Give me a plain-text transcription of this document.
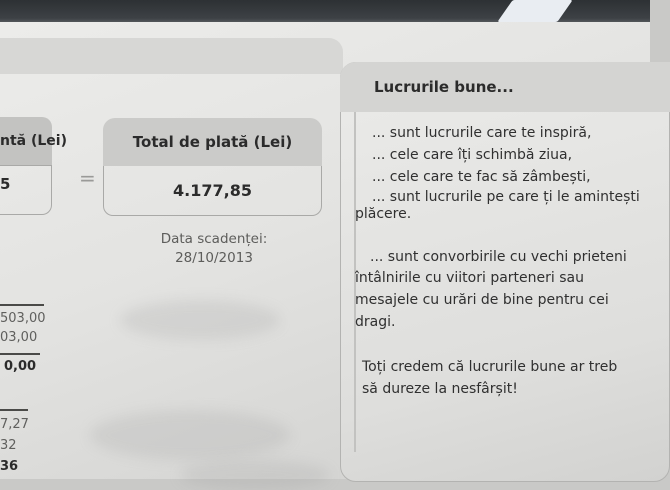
ntă (Lei)
5	=
Total de plată (Lei)
4.177,85
Data scadenței:
28/10/2013
503,00
03,00
0,00
7,27
32
36
Lucrurile bune...
... sunt lucrurile care te inspiră,
... cele care îți schimbă ziua,
... cele care te fac să zâmbești,
... sunt lucrurile pe care ți le amintești
plăcere.
... sunt convorbirile cu vechi prieteni
întâlnirile cu viitori parteneri sau
mesajele cu urări de bine pentru cei
dragi.
Toți credem că lucrurile bune ar treb
să dureze la nesfârșit!
